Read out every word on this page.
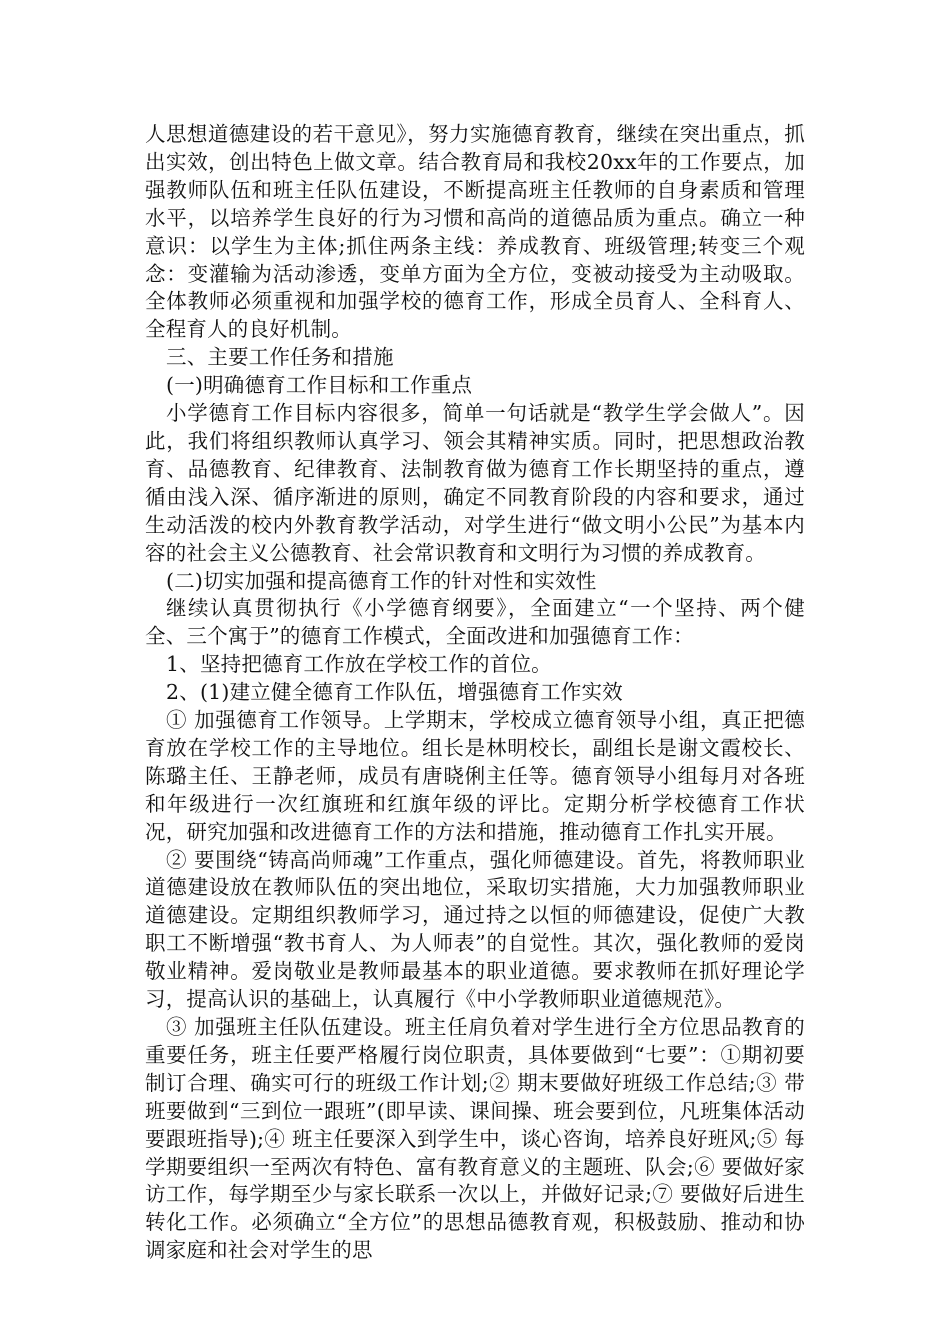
人思想道德建设的若干意见》，努力实施德育教育，继续在突出重点，抓出实效，创出特色上做文章。结合教育局和我校20xx年的工作要点，加强教师队伍和班主任队伍建设，不断提高班主任教师的自身素质和管理水平，以培养学生良好的行为习惯和高尚的道德品质为重点。确立一种意识：以学生为主体;抓住两条主线：养成教育、班级管理;转变三个观念：变灌输为活动渗透，变单方面为全方位，变被动接受为主动吸取。全体教师必须重视和加强学校的德育工作，形成全员育人、全科育人、全程育人的良好机制。

三、主要工作任务和措施

(一)明确德育工作目标和工作重点

小学德育工作目标内容很多，简单一句话就是“教学生学会做人”。因此，我们将组织教师认真学习、领会其精神实质。同时，把思想政治教育、品德教育、纪律教育、法制教育做为德育工作长期坚持的重点，遵循由浅入深、循序渐进的原则，确定不同教育阶段的内容和要求，通过生动活泼的校内外教育教学活动，对学生进行“做文明小公民”为基本内容的社会主义公德教育、社会常识教育和文明行为习惯的养成教育。

(二)切实加强和提高德育工作的针对性和实效性

继续认真贯彻执行《小学德育纲要》，全面建立“一个坚持、两个健全、三个寓于”的德育工作模式，全面改进和加强德育工作：

1、坚持把德育工作放在学校工作的首位。

2、(1)建立健全德育工作队伍，增强德育工作实效

① 加强德育工作领导。上学期末，学校成立德育领导小组，真正把德育放在学校工作的主导地位。组长是林明校长，副组长是谢文霞校长、陈璐主任、王静老师，成员有唐晓俐主任等。德育领导小组每月对各班和年级进行一次红旗班和红旗年级的评比。定期分析学校德育工作状况，研究加强和改进德育工作的方法和措施，推动德育工作扎实开展。

② 要围绕“铸高尚师魂”工作重点，强化师德建设。首先，将教师职业道德建设放在教师队伍的突出地位，采取切实措施，大力加强教师职业道德建设。定期组织教师学习，通过持之以恒的师德建设，促使广大教职工不断增强“教书育人、为人师表”的自觉性。其次，强化教师的爱岗敬业精神。爱岗敬业是教师最基本的职业道德。要求教师在抓好理论学习，提高认识的基础上，认真履行《中小学教师职业道德规范》。

③ 加强班主任队伍建设。班主任肩负着对学生进行全方位思品教育的重要任务，班主任要严格履行岗位职责，具体要做到“七要”：①期初要制订合理、确实可行的班级工作计划;② 期末要做好班级工作总结;③ 带班要做到“三到位一跟班”(即早读、课间操、班会要到位，凡班集体活动要跟班指导);④ 班主任要深入到学生中，谈心咨询，培养良好班风;⑤ 每学期要组织一至两次有特色、富有教育意义的主题班、队会;⑥ 要做好家访工作，每学期至少与家长联系一次以上，并做好记录;⑦ 要做好后进生转化工作。必须确立“全方位”的思想品德教育观，积极鼓励、推动和协调家庭和社会对学生的思
